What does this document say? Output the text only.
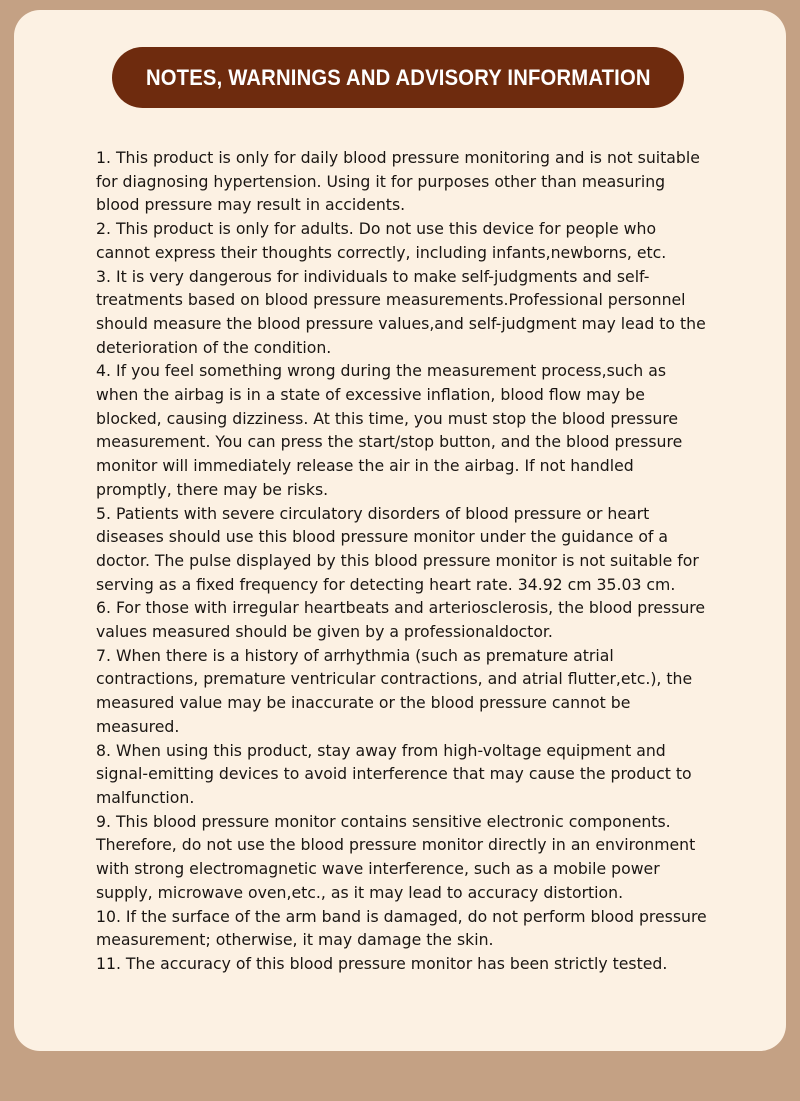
NOTES, WARNINGS AND ADVISORY INFORMATION

1. This product is only for daily blood pressure monitoring and is not suitable for diagnosing hypertension. Using it for purposes other than measuring blood pressure may result in accidents.

2. This product is only for adults. Do not use this device for people who cannot express their thoughts correctly, including infants,newborns, etc.

3. It is very dangerous for individuals to make self-judgments and self-treatments based on blood pressure measurements.Professional personnel should measure the blood pressure values,and self-judgment may lead to the deterioration of the condition.

4. If you feel something wrong during the measurement process,such as when the airbag is in a state of excessive inflation, blood flow may be blocked, causing dizziness. At this time, you must stop the blood pressure measurement. You can press the start/stop button, and the blood pressure monitor will immediately release the air in the airbag. If not handled promptly, there may be risks.

5. Patients with severe circulatory disorders of blood pressure or heart diseases should use this blood pressure monitor under the guidance of a doctor. The pulse displayed by this blood pressure monitor is not suitable for serving as a fixed frequency for detecting heart rate. 34.92 cm 35.03 cm.

6. For those with irregular heartbeats and arteriosclerosis, the blood pressure values measured should be given by a professionaldoctor.

7. When there is a history of arrhythmia (such as premature atrial contractions, premature ventricular contractions, and atrial flutter,etc.), the measured value may be inaccurate or the blood pressure cannot be measured.

8. When using this product, stay away from high-voltage equipment and signal-emitting devices to avoid interference that may cause the product to malfunction.

9. This blood pressure monitor contains sensitive electronic components. Therefore, do not use the blood pressure monitor directly in an environment with strong electromagnetic wave interference, such as a mobile power supply, microwave oven,etc., as it may lead to accuracy distortion.

10. If the surface of the arm band is damaged, do not perform blood pressure measurement; otherwise, it may damage the skin.

11. The accuracy of this blood pressure monitor has been strictly tested.
